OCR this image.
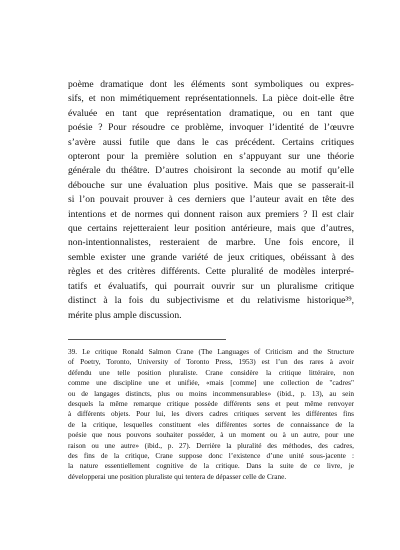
poème dramatique dont les éléments sont symboliques ou expres-
sifs, et non mimétiquement représentationnels. La pièce doit-elle être
évaluée en tant que représentation dramatique, ou en tant que
poésie ? Pour résoudre ce problème, invoquer l’identité de l’œuvre
s’avère aussi futile que dans le cas précédent. Certains critiques
opteront pour la première solution en s’appuyant sur une théorie
générale du théâtre. D’autres choisiront la seconde au motif qu’elle
débouche sur une évaluation plus positive. Mais que se passerait-il
si l’on pouvait prouver à ces derniers que l’auteur avait en tête des
intentions et de normes qui donnent raison aux premiers ? Il est clair
que certains rejetteraient leur position antérieure, mais que d’autres,
non-intentionnalistes, resteraient de marbre. Une fois encore, il
semble exister une grande variété de jeux critiques, obéissant à des
règles et des critères différents. Cette pluralité de modèles interpré-
tatifs et évaluatifs, qui pourrait ouvrir sur un pluralisme critique
distinct à la fois du subjectivisme et du relativisme historique³⁹,
mérite plus ample discussion.
39. Le critique Ronald Salmon Crane (The Languages of Criticism and the Structure
of Poetry, Toronto, University of Toronto Press, 1953) est l’un des rares à avoir
défendu une telle position pluraliste. Crane considère la critique littéraire, non
comme une discipline une et unifiée, «mais [comme] une collection de "cadres"
ou de langages distincts, plus ou moins incommensurables» (ibid., p. 13), au sein
desquels la même remarque critique possède différents sens et peut même renvoyer
à différents objets. Pour lui, les divers cadres critiques servent les différentes fins
de la critique, lesquelles constituent «les différentes sortes de connaissance de la
poésie que nous pouvons souhaiter posséder, à un moment ou à un autre, pour une
raison ou une autre» (ibid., p. 27). Derrière la pluralité des méthodes, des cadres,
des fins de la critique, Crane suppose donc l’existence d’une unité sous-jacente :
la nature essentiellement cognitive de la critique. Dans la suite de ce livre, je
développerai une position pluraliste qui tentera de dépasser celle de Crane.
